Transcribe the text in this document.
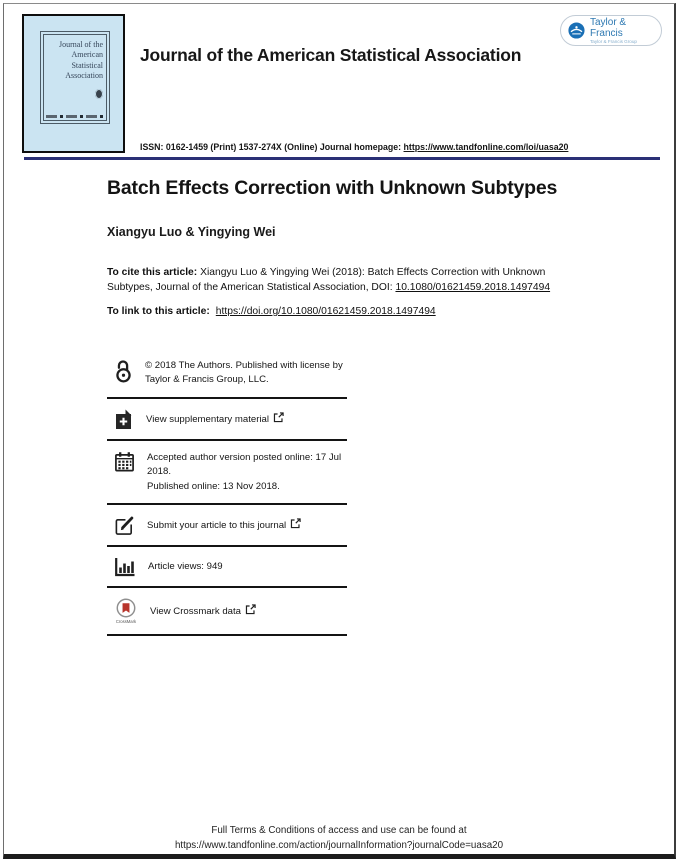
Journal of the
American
Statistical
Association
Taylor & Francis
Taylor & Francis Group
Journal of the American Statistical Association
ISSN: 0162-1459 (Print) 1537-274X (Online) Journal homepage: https://www.tandfonline.com/loi/uasa20
Batch Effects Correction with Unknown Subtypes
Xiangyu Luo & Yingying Wei
To cite this article: Xiangyu Luo & Yingying Wei (2018): Batch Effects Correction with Unknown Subtypes, Journal of the American Statistical Association, DOI: 10.1080/01621459.2018.1497494
To link to this article: https://doi.org/10.1080/01621459.2018.1497494
© 2018 The Authors. Published with license by Taylor & Francis Group, LLC.
View supplementary material
Accepted author version posted online: 17 Jul 2018.
Published online: 13 Nov 2018.
Submit your article to this journal
Article views: 949
CrossMark
View Crossmark data
Full Terms & Conditions of access and use can be found at
https://www.tandfonline.com/action/journalInformation?journalCode=uasa20
